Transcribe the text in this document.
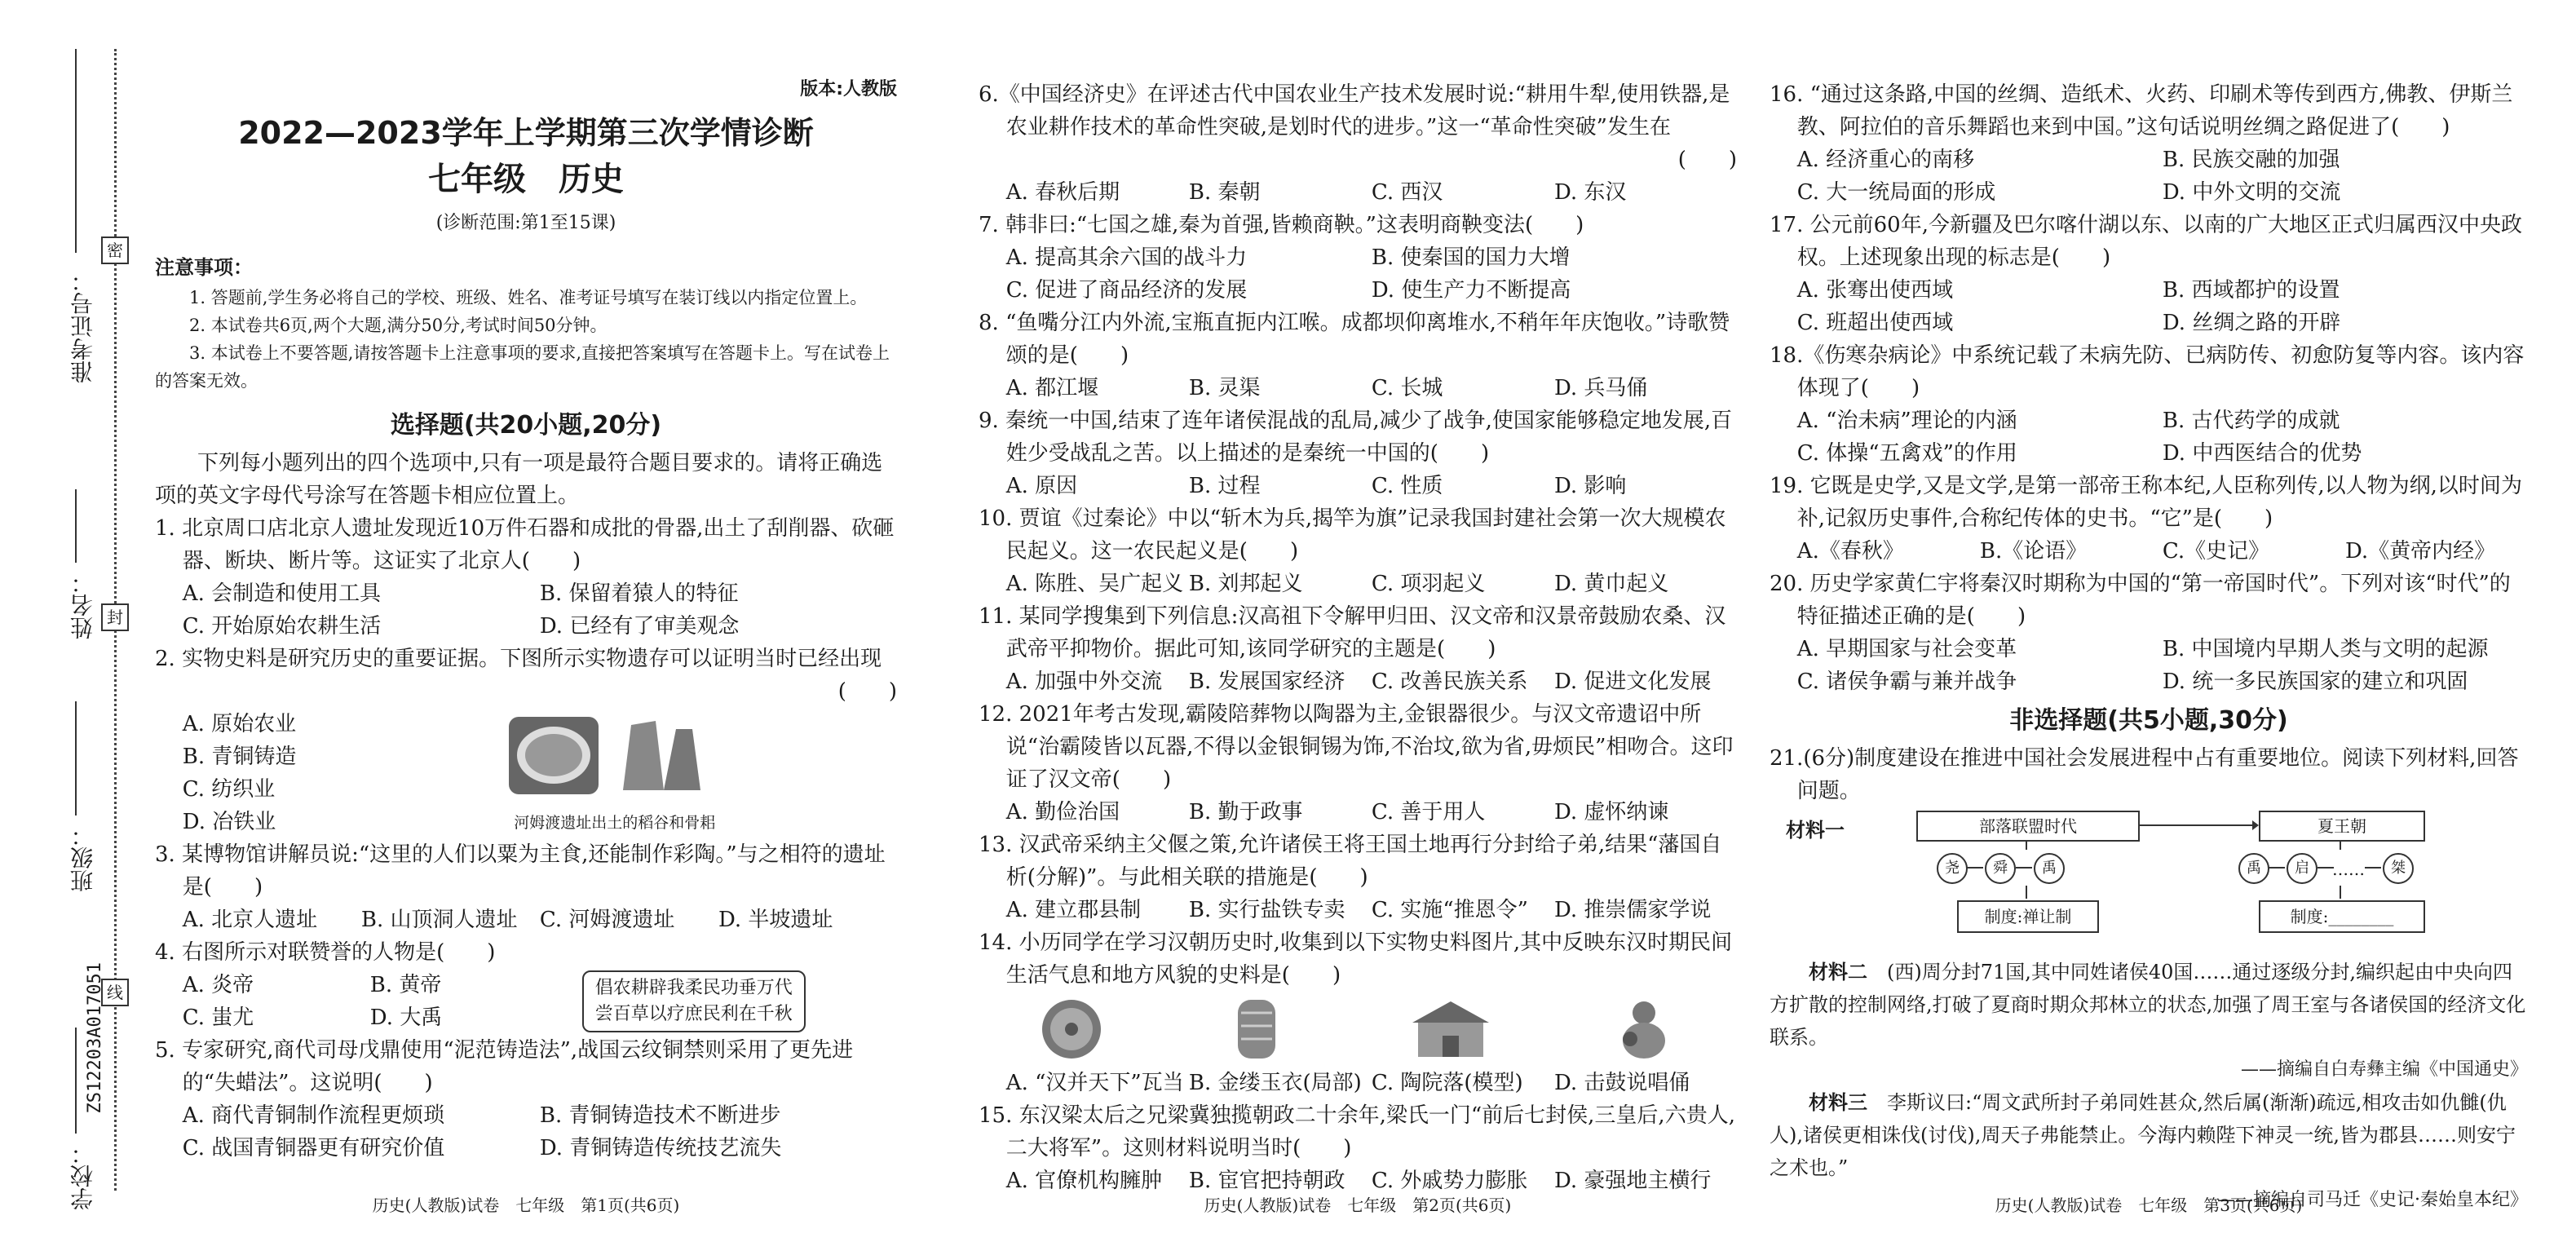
准考证号：
姓名：
班级：
学校：
密
封
线
ZS12203A017051
版本:人教版
2022—2023学年上学期第三次学情诊断
七年级　历史
(诊断范围:第1至15课)
注意事项：

1. 答题前,学生务必将自己的学校、班级、姓名、准考证号填写在装订线以内指定位置上。

2. 本试卷共6页,两个大题,满分50分,考试时间50分钟。

3. 本试卷上不要答题,请按答题卡上注意事项的要求,直接把答案填写在答题卡上。写在试卷上的答案无效。

选择题(共20小题,20分)

下列每小题列出的四个选项中,只有一项是最符合题目要求的。请将正确选项的英文字母代号涂写在答题卡相应位置上。

1. 北京周口店北京人遗址发现近10万件石器和成批的骨器,出土了刮削器、砍砸器、断块、断片等。这证实了北京人(　　)

A. 会制造和使用工具	B. 保留着猿人的特征
C. 开始原始农耕生活	D. 已经有了审美观念

2. 实物史料是研究历史的重要证据。下图所示实物遗存可以证明当时已经出现

(　　)
A. 原始农业
B. 青铜铸造
C. 纺织业
D. 冶铁业	河姆渡遗址出土的稻谷和骨耜

3. 某博物馆讲解员说:“这里的人们以粟为主食,还能制作彩陶。”与之相符的遗址是(　　)

A. 北京人遗址	B. 山顶洞人遗址	C. 河姆渡遗址	D. 半坡遗址

4. 右图所示对联赞誉的人物是(　　)

A. 炎帝	B. 黄帝
C. 蚩尤	D. 大禹
倡农耕辟我柔民功垂万代
尝百草以疗庶民利在千秋

5. 专家研究,商代司母戊鼎使用“泥范铸造法”,战国云纹铜禁则采用了更先进的“失蜡法”。这说明(　　)

A. 商代青铜制作流程更烦琐	B. 青铜铸造技术不断进步
C. 战国青铜器更有研究价值	D. 青铜铸造传统技艺流失
历史(人教版)试卷　七年级　第1页(共6页)

6.《中国经济史》在评述古代中国农业生产技术发展时说:“耕用牛犁,使用铁器,是农业耕作技术的革命性突破,是划时代的进步。”这一“革命性突破”发生在

(　　)
A. 春秋后期	B. 秦朝	C. 西汉	D. 东汉

7. 韩非曰:“七国之雄,秦为首强,皆赖商鞅。”这表明商鞅变法(　　)

A. 提高其余六国的战斗力	B. 使秦国的国力大增
C. 促进了商品经济的发展	D. 使生产力不断提高

8. “鱼嘴分江内外流,宝瓶直扼内江喉。成都坝仰离堆水,不稍年年庆饱收。”诗歌赞颂的是(　　)

A. 都江堰	B. 灵渠	C. 长城	D. 兵马俑

9. 秦统一中国,结束了连年诸侯混战的乱局,减少了战争,使国家能够稳定地发展,百姓少受战乱之苦。以上描述的是秦统一中国的(　　)

A. 原因	B. 过程	C. 性质	D. 影响

10. 贾谊《过秦论》中以“斩木为兵,揭竿为旗”记录我国封建社会第一次大规模农民起义。这一农民起义是(　　)

A. 陈胜、吴广起义 B. 刘邦起义	C. 项羽起义	D. 黄巾起义

11. 某同学搜集到下列信息:汉高祖下令解甲归田、汉文帝和汉景帝鼓励农桑、汉武帝平抑物价。据此可知,该同学研究的主题是(　　)

A. 加强中外交流	B. 发展国家经济	C. 改善民族关系	D. 促进文化发展

12. 2021年考古发现,霸陵陪葬物以陶器为主,金银器很少。与汉文帝遗诏中所说“治霸陵皆以瓦器,不得以金银铜锡为饰,不治坟,欲为省,毋烦民”相吻合。这印证了汉文帝(　　)

A. 勤俭治国	B. 勤于政事	C. 善于用人	D. 虚怀纳谏

13. 汉武帝采纳主父偃之策,允许诸侯王将王国土地再行分封给子弟,结果“藩国自析(分解)”。与此相关联的措施是(　　)

A. 建立郡县制	B. 实行盐铁专卖	C. 实施“推恩令”	D. 推崇儒家学说

14. 小历同学在学习汉朝历史时,收集到以下实物史料图片,其中反映东汉时期民间生活气息和地方风貌的史料是(　　)

A. “汉并天下”瓦当 B. 金缕玉衣(局部) C. 陶院落(模型)	D. 击鼓说唱俑

15. 东汉梁太后之兄梁冀独揽朝政二十余年,梁氏一门“前后七封侯,三皇后,六贵人,二大将军”。这则材料说明当时(　　)

A. 官僚机构臃肿	B. 宦官把持朝政	C. 外戚势力膨胀	D. 豪强地主横行
历史(人教版)试卷　七年级　第2页(共6页)

16. “通过这条路,中国的丝绸、造纸术、火药、印刷术等传到西方,佛教、伊斯兰教、阿拉伯的音乐舞蹈也来到中国。”这句话说明丝绸之路促进了(　　)

A. 经济重心的南移	B. 民族交融的加强
C. 大一统局面的形成	D. 中外文明的交流

17. 公元前60年,今新疆及巴尔喀什湖以东、以南的广大地区正式归属西汉中央政权。上述现象出现的标志是(　　)

A. 张骞出使西域	B. 西域都护的设置
C. 班超出使西域	D. 丝绸之路的开辟

18.《伤寒杂病论》中系统记载了未病先防、已病防传、初愈防复等内容。该内容体现了(　　)

A. “治未病”理论的内涵	B. 古代药学的成就
C. 体操“五禽戏”的作用	D. 中西医结合的优势

19. 它既是史学,又是文学,是第一部帝王称本纪,人臣称列传,以人物为纲,以时间为补,记叙历史事件,合称纪传体的史书。“它”是(　　)

A.《春秋》	B.《论语》	C.《史记》	D.《黄帝内经》

20. 历史学家黄仁宇将秦汉时期称为中国的“第一帝国时代”。下列对该“时代”的特征描述正确的是(　　)

A. 早期国家与社会变革	B. 中国境内早期人类与文明的起源
C. 诸侯争霸与兼并战争	D. 统一多民族国家的建立和巩固
非选择题(共5小题,30分)

21.(6分)制度建设在推进中国社会发展进程中占有重要地位。阅读下列材料,回答问题。

材料一	部落联盟时代	夏王朝
尧	舜	禹	禹	启	……	桀
制度:禅让制	制度:________

材料二　 (西)周分封71国,其中同姓诸侯40国……通过逐级分封,编织起由中央向四方扩散的控制网络,打破了夏商时期众邦林立的状态,加强了周王室与各诸侯国的经济文化联系。

——摘编自白寿彝主编《中国通史》

材料三　 李斯议曰:“周文武所封子弟同姓甚众,然后属(渐渐)疏远,相攻击如仇雠(仇人),诸侯更相诛伐(讨伐),周天子弗能禁止。今海内赖陛下神灵一统,皆为郡县……则安宁之术也。”

——摘编自司马迁《史记·秦始皇本纪》

历史(人教版)试卷　七年级　第3页(共6页)
